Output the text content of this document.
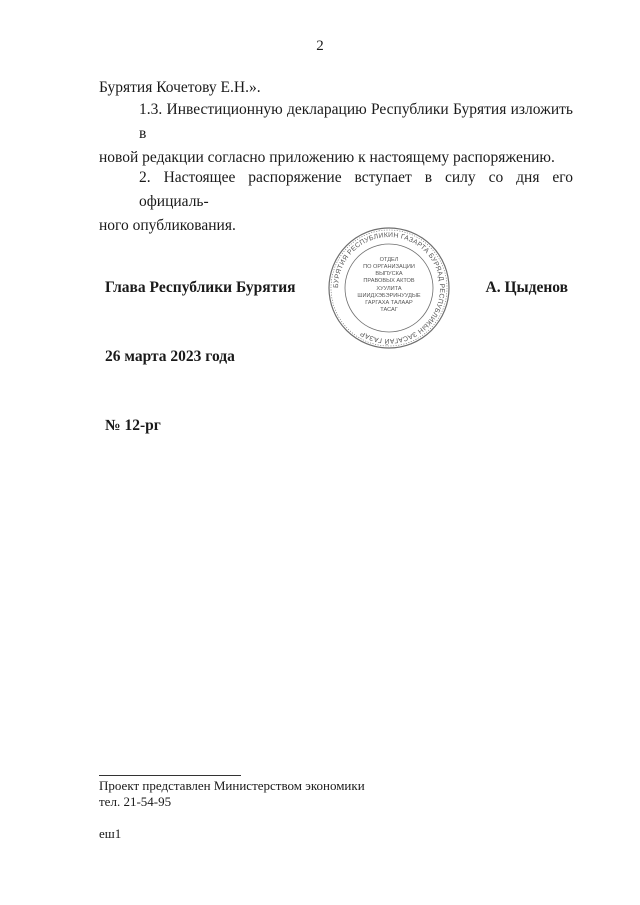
2
Бурятия Кочетову Е.Н.».
1.3. Инвестиционную декларацию Республики Бурятия изложить в
новой редакции согласно приложению к настоящему распоряжению.
2. Настоящее распоряжение вступает в силу со дня его официаль-
ного опубликования.
БУРЯТИЯ РЕСПУБЛИКИН ГАЗАРТА БУРЯАД РЕСПУБЛИКЫН ЗАСАГАЙ ГАЗАР
ОТДЕЛ
ПО ОРГАНИЗАЦИИ
ВЫПУСКА
ПРАВОВЫХ АКТОВ
ХУУЛИТА
ШИИДХЭБЭРИНУУДЫЕ
ГАРГАХА ТАЛААР
ТАСАГ
Глава Республики Бурятия	А. Цыденов
26 марта 2023 года
№ 12-рг
Проект представлен Министерством экономики
тел. 21-54-95
еш1
